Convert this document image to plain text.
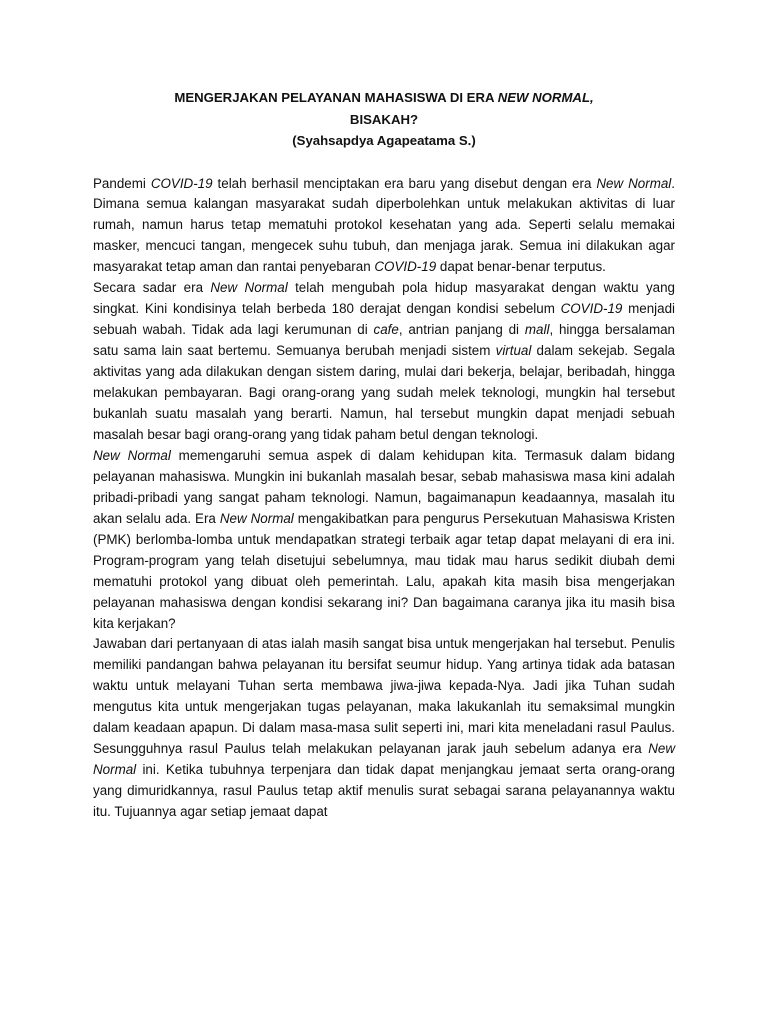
MENGERJAKAN PELAYANAN MAHASISWA DI ERA NEW NORMAL,

BISAKAH?

(Syahsapdya Agapeatama S.)

Pandemi COVID-19 telah berhasil menciptakan era baru yang disebut dengan era New Normal. Dimana semua kalangan masyarakat sudah diperbolehkan untuk melakukan aktivitas di luar rumah, namun harus tetap mematuhi protokol kesehatan yang ada. Seperti selalu memakai masker, mencuci tangan, mengecek suhu tubuh, dan menjaga jarak. Semua ini dilakukan agar masyarakat tetap aman dan rantai penyebaran COVID-19 dapat benar-benar terputus.

Secara sadar era New Normal telah mengubah pola hidup masyarakat dengan waktu yang singkat. Kini kondisinya telah berbeda 180 derajat dengan kondisi sebelum COVID-19 menjadi sebuah wabah. Tidak ada lagi kerumunan di cafe, antrian panjang di mall, hingga bersalaman satu sama lain saat bertemu. Semuanya berubah menjadi sistem virtual dalam sekejab. Segala aktivitas yang ada dilakukan dengan sistem daring, mulai dari bekerja, belajar, beribadah, hingga melakukan pembayaran. Bagi orang-orang yang sudah melek teknologi, mungkin hal tersebut bukanlah suatu masalah yang berarti. Namun, hal tersebut mungkin dapat menjadi sebuah masalah besar bagi orang-orang yang tidak paham betul dengan teknologi.

New Normal memengaruhi semua aspek di dalam kehidupan kita. Termasuk dalam bidang pelayanan mahasiswa. Mungkin ini bukanlah masalah besar, sebab mahasiswa masa kini adalah pribadi-pribadi yang sangat paham teknologi. Namun, bagaimanapun keadaannya, masalah itu akan selalu ada. Era New Normal mengakibatkan para pengurus Persekutuan Mahasiswa Kristen (PMK) berlomba-lomba untuk mendapatkan strategi terbaik agar tetap dapat melayani di era ini. Program-program yang telah disetujui sebelumnya, mau tidak mau harus sedikit diubah demi mematuhi protokol yang dibuat oleh pemerintah. Lalu, apakah kita masih bisa mengerjakan pelayanan mahasiswa dengan kondisi sekarang ini? Dan bagaimana caranya jika itu masih bisa kita kerjakan?

Jawaban dari pertanyaan di atas ialah masih sangat bisa untuk mengerjakan hal tersebut. Penulis memiliki pandangan bahwa pelayanan itu bersifat seumur hidup. Yang artinya tidak ada batasan waktu untuk melayani Tuhan serta membawa jiwa-jiwa kepada-Nya. Jadi jika Tuhan sudah mengutus kita untuk mengerjakan tugas pelayanan, maka lakukanlah itu semaksimal mungkin dalam keadaan apapun. Di dalam masa-masa sulit seperti ini, mari kita meneladani rasul Paulus. Sesungguhnya rasul Paulus telah melakukan pelayanan jarak jauh sebelum adanya era New Normal ini. Ketika tubuhnya terpenjara dan tidak dapat menjangkau jemaat serta orang-orang yang dimuridkannya, rasul Paulus tetap aktif menulis surat sebagai sarana pelayanannya waktu itu. Tujuannya agar setiap jemaat dapat
